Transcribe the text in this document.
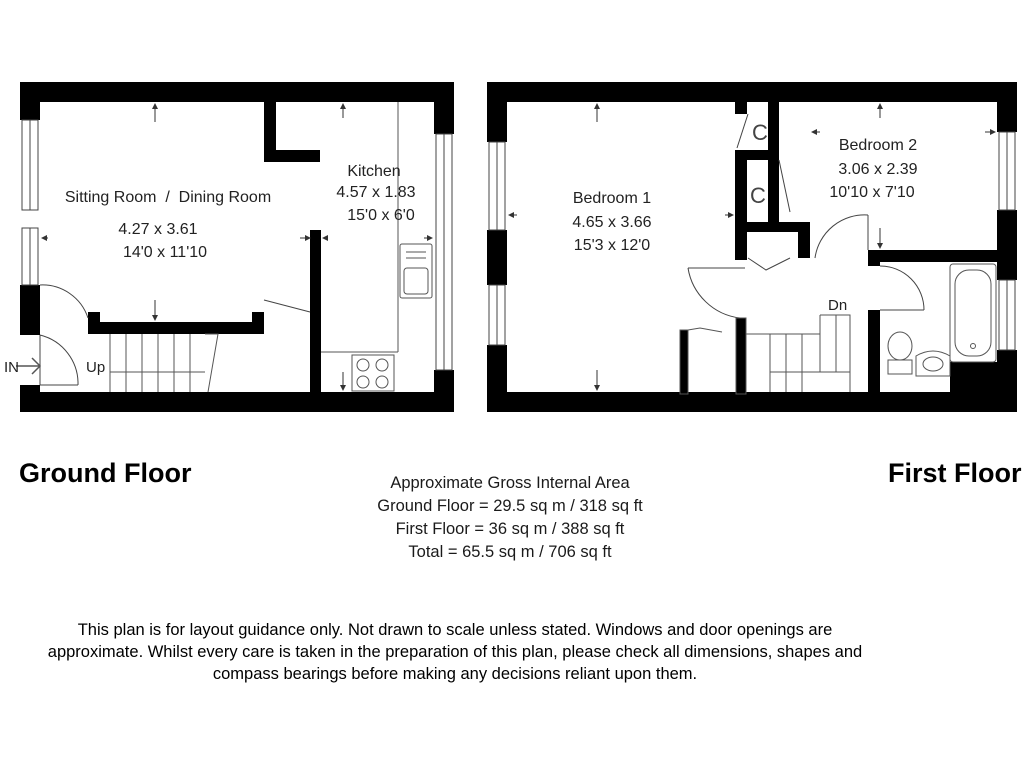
Sitting Room  /  Dining Room
4.27 x 3.61
14'0 x 11'10
Kitchen
4.57 x 1.83
15'0 x 6'0
IN	Up
Bedroom 1
4.65 x 3.66
15'3 x 12'0
Bedroom 2
3.06 x 2.39
10'10 x 7'10
C
C
Dn
Ground Floor	First Floor
Approximate Gross Internal Area
Ground Floor = 29.5 sq m / 318 sq ft
First Floor = 36 sq m / 388 sq ft
Total = 65.5 sq m / 706 sq ft
This plan is for layout guidance only. Not drawn to scale unless stated. Windows and door openings are approximate. Whilst every care is taken in the preparation of this plan, please check all dimensions, shapes and compass bearings before making any decisions reliant upon them.
